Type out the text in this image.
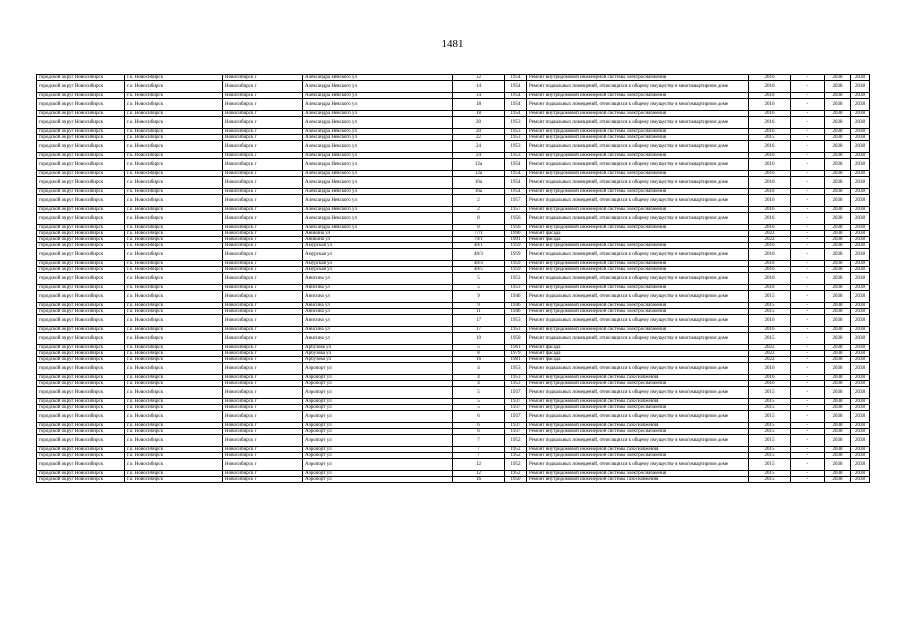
1481
городской округ Новосибирск	г.о. Новосибирск	Новосибирск г	Александра Невского ул	12	1954	Ремонт внутридомовой инженерной системы электроснабжения	2016	-	2038	2038
городской округ Новосибирск	г.о. Новосибирск	Новосибирск г	Александра Невского ул	14	1954	Ремонт подвальных помещений, относящихся к общему имуществу в многоквартирном доме	2016	-	2038	2038
городской округ Новосибирск	г.о. Новосибирск	Новосибирск г	Александра Невского ул	14	1954	Ремонт внутридомовой инженерной системы электроснабжения	2016	-	2038	2038
городской округ Новосибирск	г.о. Новосибирск	Новосибирск г	Александра Невского ул	18	1954	Ремонт подвальных помещений, относящихся к общему имуществу в многоквартирном доме	2016	-	2038	2038
городской округ Новосибирск	г.о. Новосибирск	Новосибирск г	Александра Невского ул	18	1954	Ремонт внутридомовой инженерной системы электроснабжения	2016	-	2038	2038
городской округ Новосибирск	г.о. Новосибирск	Новосибирск г	Александра Невского ул	20	1953	Ремонт подвальных помещений, относящихся к общему имуществу в многоквартирном доме	2016	-	2038	2038
городской округ Новосибирск	г.о. Новосибирск	Новосибирск г	Александра Невского ул	20	1953	Ремонт внутридомовой инженерной системы электроснабжения	2016	-	2038	2038
городской округ Новосибирск	г.о. Новосибирск	Новосибирск г	Александра Невского ул	22	1953	Ремонт внутридомовой инженерной системы электроснабжения	2015	-	2038	2038
городской округ Новосибирск	г.о. Новосибирск	Новосибирск г	Александра Невского ул	24	1953	Ремонт подвальных помещений, относящихся к общему имуществу в многоквартирном доме	2016	-	2038	2038
городской округ Новосибирск	г.о. Новосибирск	Новосибирск г	Александра Невского ул	24	1953	Ремонт внутридомовой инженерной системы электроснабжения	2016	-	2038	2038
городской округ Новосибирск	г.о. Новосибирск	Новосибирск г	Александра Невского ул	12а	1954	Ремонт подвальных помещений, относящихся к общему имуществу в многоквартирном доме	2016	-	2038	2038
городской округ Новосибирск	г.о. Новосибирск	Новосибирск г	Александра Невского ул	12а	1954	Ремонт внутридомовой инженерной системы электроснабжения	2016	-	2038	2038
городской округ Новосибирск	г.о. Новосибирск	Новосибирск г	Александра Невского ул	16а	1954	Ремонт подвальных помещений, относящихся к общему имуществу в многоквартирном доме	2016	-	2038	2038
городской округ Новосибирск	г.о. Новосибирск	Новосибирск г	Александра Невского ул	16а	1954	Ремонт внутридомовой инженерной системы электроснабжения	2016	-	2038	2038
городской округ Новосибирск	г.о. Новосибирск	Новосибирск г	Александра Невского ул	2	1957	Ремонт подвальных помещений, относящихся к общему имуществу в многоквартирном доме	2016	-	2038	2038
городской округ Новосибирск	г.о. Новосибирск	Новосибирск г	Александра Невского ул	2	1957	Ремонт внутридомовой инженерной системы электроснабжения	2016	-	2038	2038
городской округ Новосибирск	г.о. Новосибирск	Новосибирск г	Александра Невского ул	8	1956	Ремонт подвальных помещений, относящихся к общему имуществу в многоквартирном доме	2016	-	2038	2038
городской округ Новосибирск	г.о. Новосибирск	Новосибирск г	Александра Невского ул	8	1956	Ремонт внутридомовой инженерной системы электроснабжения	2016	-	2038	2038
городской округ Новосибирск	г.о. Новосибирск	Новосибирск г	Аникина ул	77/1	1990	Ремонт фасада	2022	-	2038	2038
городской округ Новосибирск	г.о. Новосибирск	Новосибирск г	Аникина ул	79/1	1991	Ремонт фасада	2022	-	2038	2038
городской округ Новосибирск	г.о. Новосибирск	Новосибирск г	Амурская ул	40/1	1959	Ремонт внутридомовой инженерной системы электроснабжения	2016	-	2038	2038
городской округ Новосибирск	г.о. Новосибирск	Новосибирск г	Амурская ул	40/3	1959	Ремонт подвальных помещений, относящихся к общему имуществу в многоквартирном доме	2016	-	2038	2038
городской округ Новосибирск	г.о. Новосибирск	Новосибирск г	Амурская ул	40/4	1959	Ремонт внутридомовой инженерной системы электроснабжения	2016	-	2038	2038
городской округ Новосибирск	г.о. Новосибирск	Новосибирск г	Амурская ул	40/5	1959	Ремонт внутридомовой инженерной системы электроснабжения	2016	-	2038	2038
городской округ Новосибирск	г.о. Новосибирск	Новосибирск г	Анисина ул	5	1953	Ремонт подвальных помещений, относящихся к общему имуществу в многоквартирном доме	2016	-	2038	2038
городской округ Новосибирск	г.о. Новосибирск	Новосибирск г	Анисина ул	5	1953	Ремонт внутридомовой инженерной системы электроснабжения	2016	-	2038	2038
городской округ Новосибирск	г.о. Новосибирск	Новосибирск г	Анисина ул	9	1946	Ремонт подвальных помещений, относящихся к общему имуществу в многоквартирном доме	2015	-	2038	2038
городской округ Новосибирск	г.о. Новосибирск	Новосибирск г	Анисина ул	9	1946	Ремонт внутридомовой инженерной системы электроснабжения	2015	-	2038	2038
городской округ Новосибирск	г.о. Новосибирск	Новосибирск г	Анисина ул	11	1946	Ремонт внутридомовой инженерной системы электроснабжения	2015	-	2038	2038
городской округ Новосибирск	г.о. Новосибирск	Новосибирск г	Анисина ул	17	1953	Ремонт подвальных помещений, относящихся к общему имуществу в многоквартирном доме	2016	-	2038	2038
городской округ Новосибирск	г.о. Новосибирск	Новосибирск г	Анисина ул	17	1953	Ремонт внутридомовой инженерной системы электроснабжения	2016	-	2038	2038
городской округ Новосибирск	г.о. Новосибирск	Новосибирск г	Анисина ул	19	1950	Ремонт подвальных помещений, относящихся к общему имуществу в многоквартирном доме	2015	-	2038	2038
городской округ Новосибирск	г.о. Новосибирск	Новосибирск г	Арбузова ул	5	1961	Ремонт фасада	2022	-	2038	2038
городской округ Новосибирск	г.о. Новосибирск	Новосибирск г	Арбузова ул	8	1979	Ремонт фасада	2022	-	2038	2038
городской округ Новосибирск	г.о. Новосибирск	Новосибирск г	Арбузова ул	16	1981	Ремонт фасада	2022	-	2038	2038
городской округ Новосибирск	г.о. Новосибирск	Новосибирск г	Аэропорт ул	4	1953	Ремонт подвальных помещений, относящихся к общему имуществу в многоквартирном доме	2016	-	2038	2038
городской округ Новосибирск	г.о. Новосибирск	Новосибирск г	Аэропорт ул	4	1953	Ремонт внутридомовой инженерной системы газоснабжения	2016	-	2038	2038
городской округ Новосибирск	г.о. Новосибирск	Новосибирск г	Аэропорт ул	4	1953	Ремонт внутридомовой инженерной системы электроснабжения	2016	-	2038	2038
городской округ Новосибирск	г.о. Новосибирск	Новосибирск г	Аэропорт ул	5	1937	Ремонт подвальных помещений, относящихся к общему имуществу в многоквартирном доме	2015	-	2038	2038
городской округ Новосибирск	г.о. Новосибирск	Новосибирск г	Аэропорт ул	5	1937	Ремонт внутридомовой инженерной системы газоснабжения	2015	-	2038	2038
городской округ Новосибирск	г.о. Новосибирск	Новосибирск г	Аэропорт ул	5	1937	Ремонт внутридомовой инженерной системы электроснабжения	2015	-	2038	2038
городской округ Новосибирск	г.о. Новосибирск	Новосибирск г	Аэропорт ул	6	1937	Ремонт подвальных помещений, относящихся к общему имуществу в многоквартирном доме	2015	-	2038	2038
городской округ Новосибирск	г.о. Новосибирск	Новосибирск г	Аэропорт ул	6	1937	Ремонт внутридомовой инженерной системы газоснабжения	2015	-	2038	2038
городской округ Новосибирск	г.о. Новосибирск	Новосибирск г	Аэропорт ул	6	1937	Ремонт внутридомовой инженерной системы электроснабжения	2015	-	2038	2038
городской округ Новосибирск	г.о. Новосибирск	Новосибирск г	Аэропорт ул	7	1952	Ремонт подвальных помещений, относящихся к общему имуществу в многоквартирном доме	2015	-	2038	2038
городской округ Новосибирск	г.о. Новосибирск	Новосибирск г	Аэропорт ул	7	1952	Ремонт внутридомовой инженерной системы газоснабжения	2015	-	2038	2038
городской округ Новосибирск	г.о. Новосибирск	Новосибирск г	Аэропорт ул	7	1952	Ремонт внутридомовой инженерной системы электроснабжения	2015	-	2038	2038
городской округ Новосибирск	г.о. Новосибирск	Новосибирск г	Аэропорт ул	12	1952	Ремонт подвальных помещений, относящихся к общему имуществу в многоквартирном доме	2015	-	2038	2038
городской округ Новосибирск	г.о. Новосибирск	Новосибирск г	Аэропорт ул	12	1952	Ремонт внутридомовой инженерной системы электроснабжения	2015	-	2038	2038
городской округ Новосибирск	г.о. Новосибирск	Новосибирск г	Аэропорт ул	16	1950	Ремонт внутридомовой инженерной системы газоснабжения	2015	-	2038	2038
